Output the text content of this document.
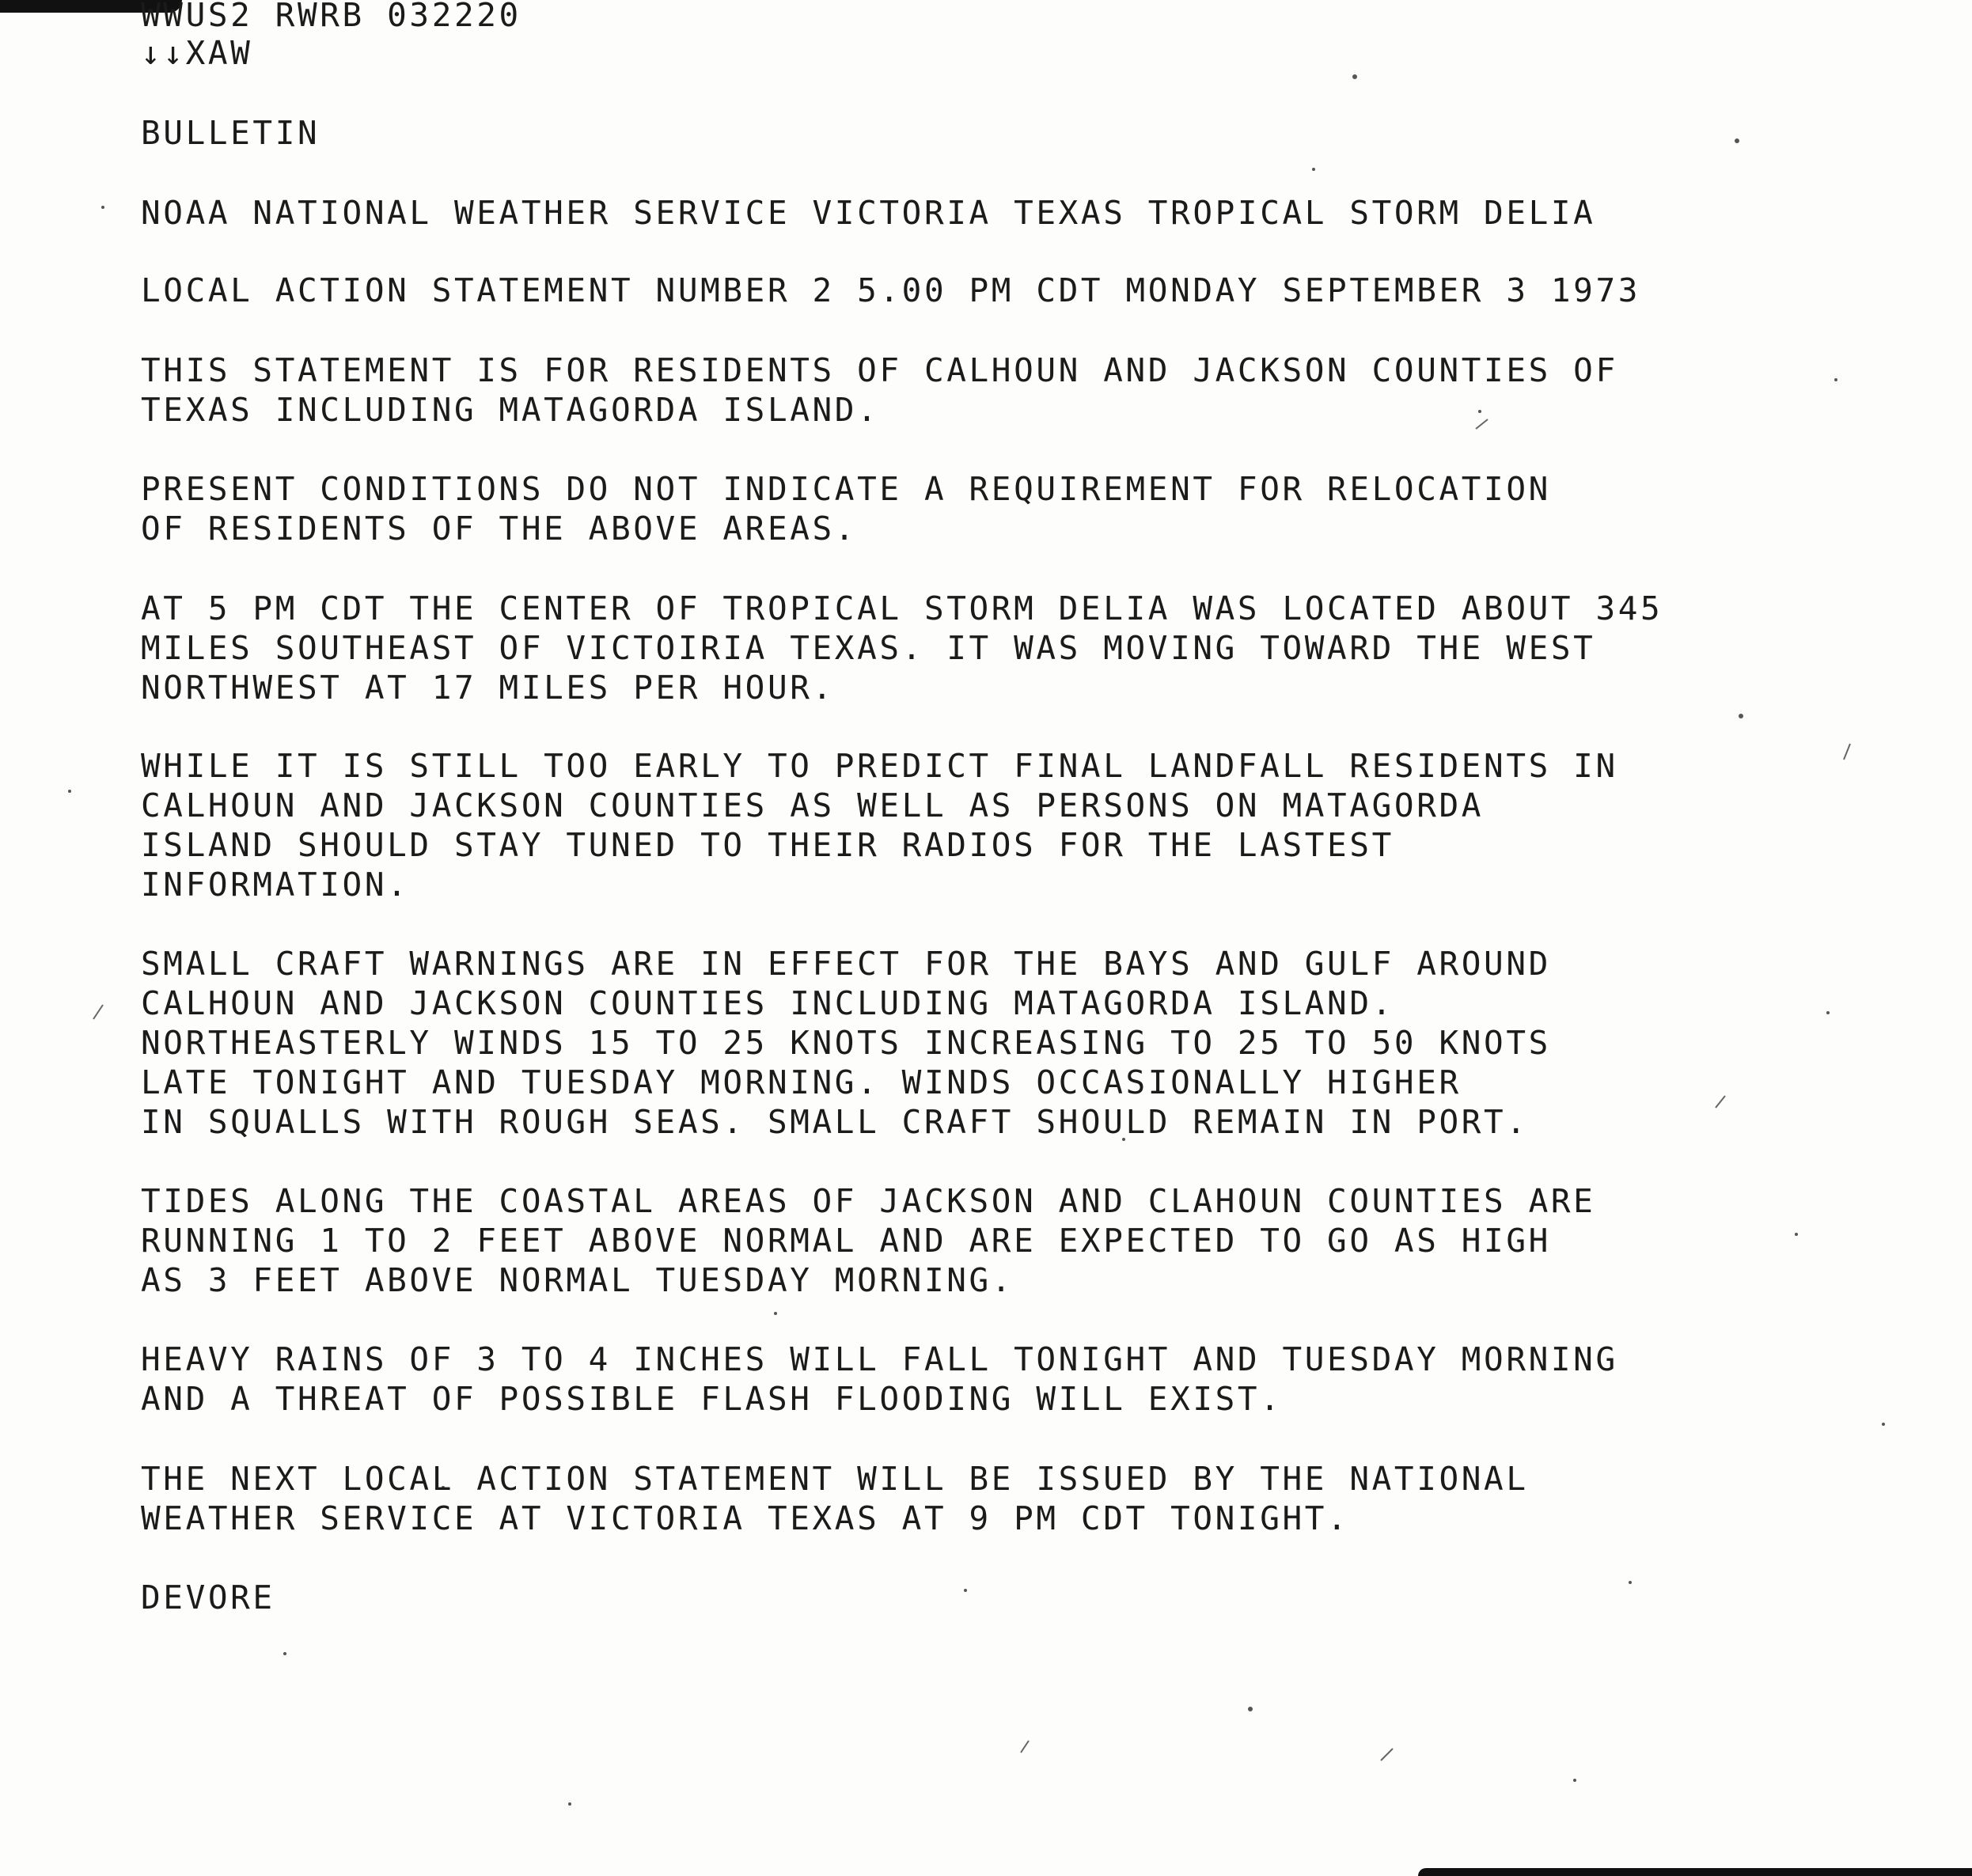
WWUS2 RWRB 032220
↓↓XAW
BULLETIN
NOAA NATIONAL WEATHER SERVICE VICTORIA TEXAS TROPICAL STORM DELIA
LOCAL ACTION STATEMENT NUMBER 2 5.00 PM CDT MONDAY SEPTEMBER 3 1973
THIS STATEMENT IS FOR RESIDENTS OF CALHOUN AND JACKSON COUNTIES OF
TEXAS INCLUDING MATAGORDA ISLAND.
PRESENT CONDITIONS DO NOT INDICATE A REQUIREMENT FOR RELOCATION
OF RESIDENTS OF THE ABOVE AREAS.
AT 5 PM CDT THE CENTER OF TROPICAL STORM DELIA WAS LOCATED ABOUT 345
MILES SOUTHEAST OF VICTOIRIA TEXAS. IT WAS MOVING TOWARD THE WEST
NORTHWEST AT 17 MILES PER HOUR.
WHILE IT IS STILL TOO EARLY TO PREDICT FINAL LANDFALL RESIDENTS IN
CALHOUN AND JACKSON COUNTIES AS WELL AS PERSONS ON MATAGORDA
ISLAND SHOULD STAY TUNED TO THEIR RADIOS FOR THE LASTEST
INFORMATION.
SMALL CRAFT WARNINGS ARE IN EFFECT FOR THE BAYS AND GULF AROUND
CALHOUN AND JACKSON COUNTIES INCLUDING MATAGORDA ISLAND.
NORTHEASTERLY WINDS 15 TO 25 KNOTS INCREASING TO 25 TO 50 KNOTS
LATE TONIGHT AND TUESDAY MORNING. WINDS OCCASIONALLY HIGHER
IN SQUALLS WITH ROUGH SEAS. SMALL CRAFT SHOULD REMAIN IN PORT.
TIDES ALONG THE COASTAL AREAS OF JACKSON AND CLAHOUN COUNTIES ARE
RUNNING 1 TO 2 FEET ABOVE NORMAL AND ARE EXPECTED TO GO AS HIGH
AS 3 FEET ABOVE NORMAL TUESDAY MORNING.
HEAVY RAINS OF 3 TO 4 INCHES WILL FALL TONIGHT AND TUESDAY MORNING
AND A THREAT OF POSSIBLE FLASH FLOODING WILL EXIST.
THE NEXT LOCAL ACTION STATEMENT WILL BE ISSUED BY THE NATIONAL
WEATHER SERVICE AT VICTORIA TEXAS AT 9 PM CDT TONIGHT.
DEVORE
